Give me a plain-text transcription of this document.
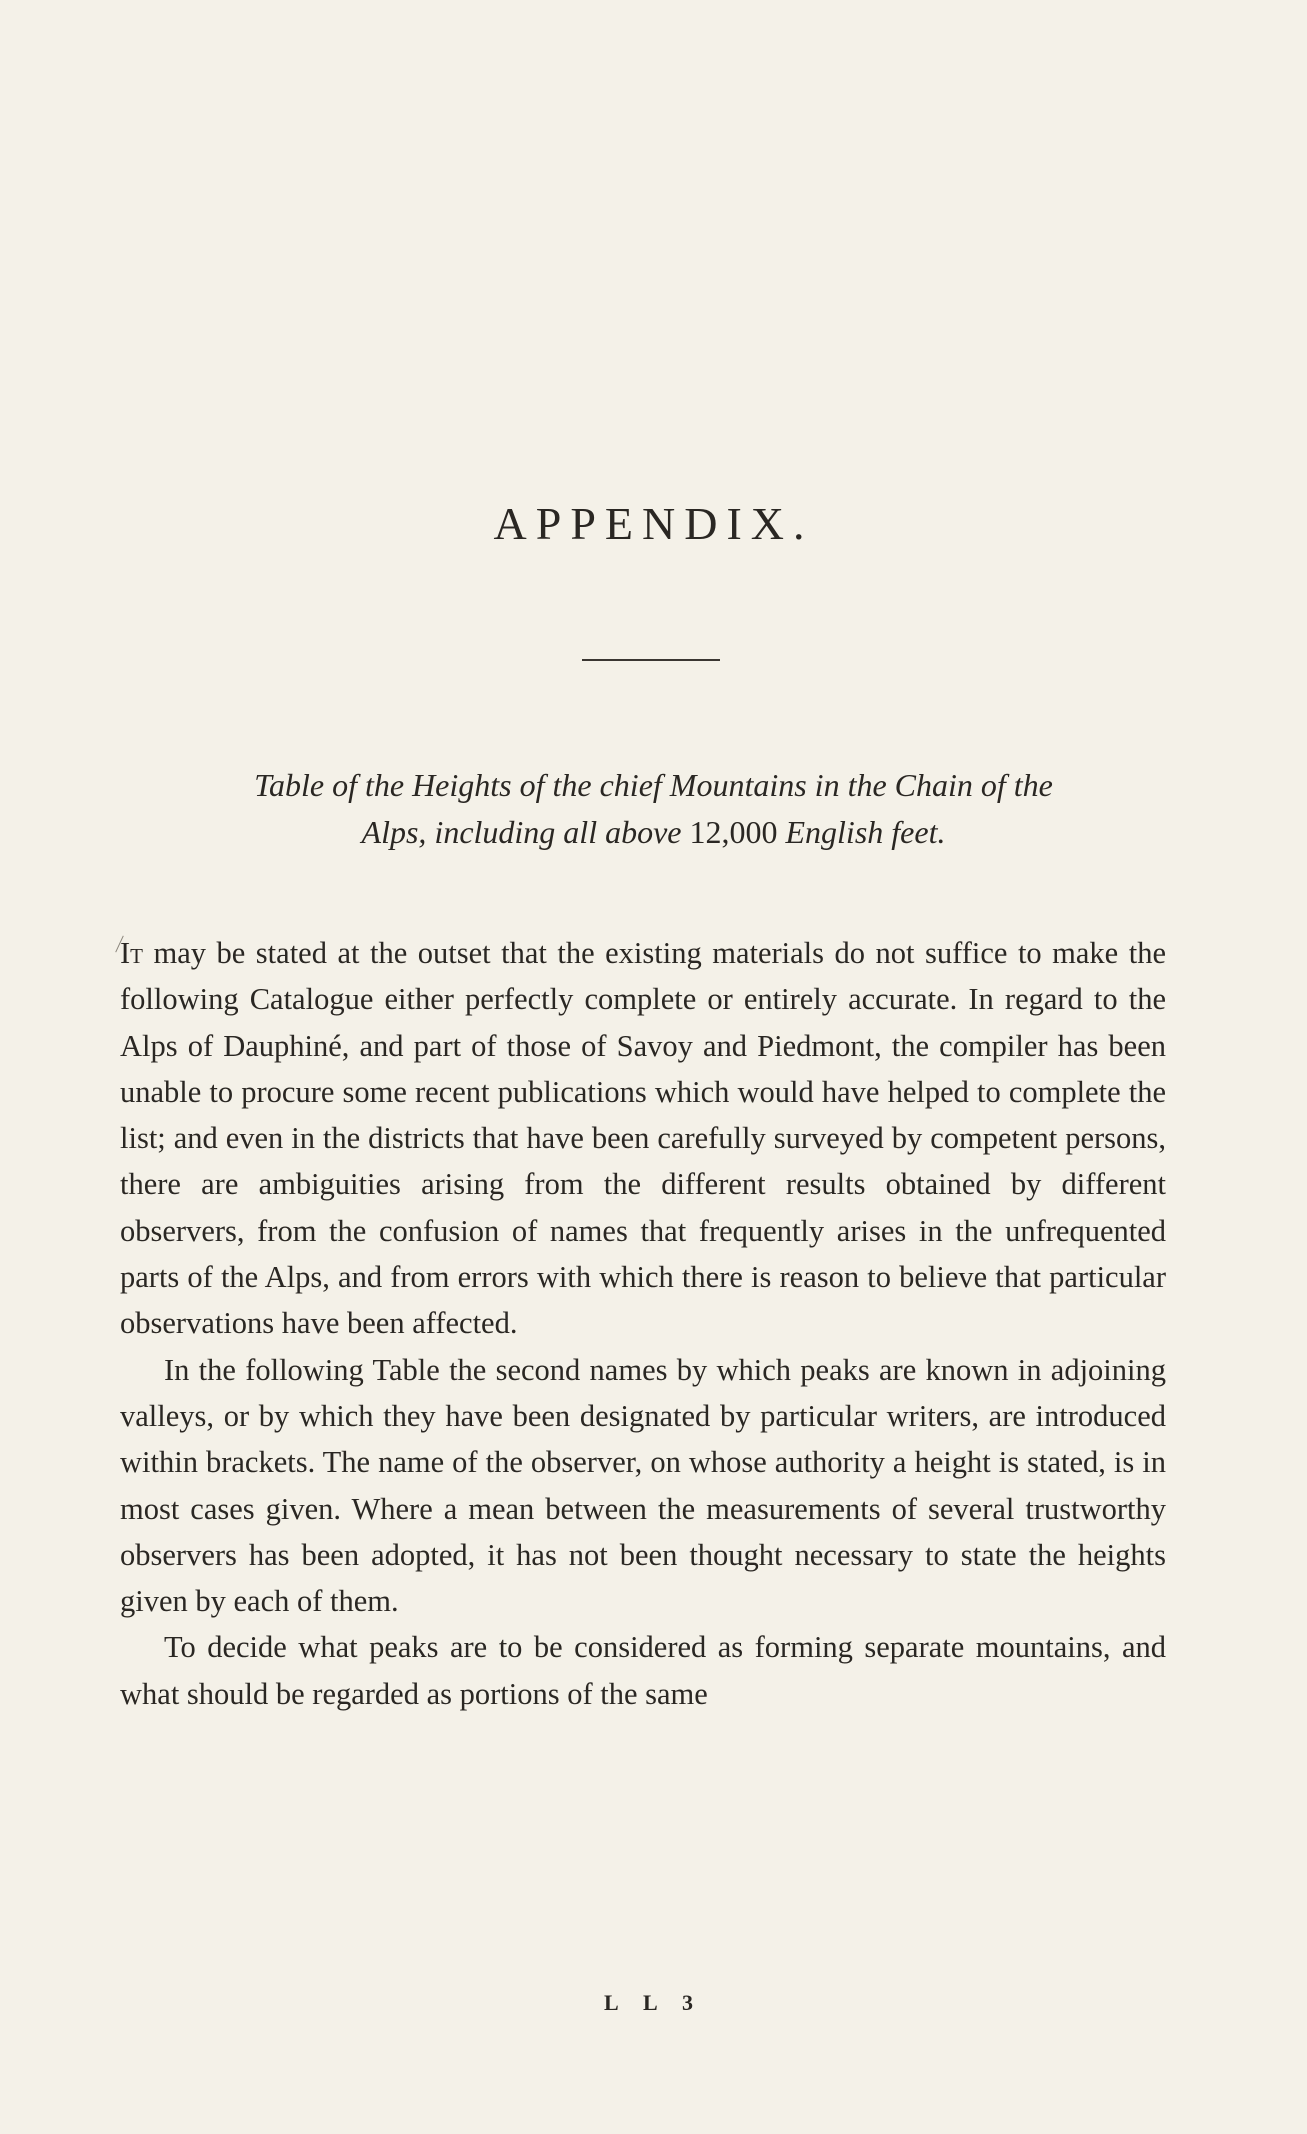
APPENDIX.
Table of the Heights of the chief Mountains in the Chain of the
Alps, including all above 12,000 English feet.

It may be stated at the outset that the existing materials do not suffice to make the following Catalogue either perfectly complete or entirely accurate. In regard to the Alps of Dauphiné, and part of those of Savoy and Piedmont, the compiler has been unable to procure some recent publications which would have helped to complete the list; and even in the districts that have been carefully surveyed by competent persons, there are ambiguities arising from the different results obtained by different observers, from the confusion of names that frequently arises in the unfrequented parts of the Alps, and from errors with which there is reason to believe that particular observations have been affected.

In the following Table the second names by which peaks are known in adjoining valleys, or by which they have been designated by particular writers, are introduced within brackets. The name of the observer, on whose authority a height is stated, is in most cases given. Where a mean between the measurements of several trustworthy observers has been adopted, it has not been thought necessary to state the heights given by each of them.

To decide what peaks are to be considered as forming separate mountains, and what should be regarded as portions of the same

L L 3
